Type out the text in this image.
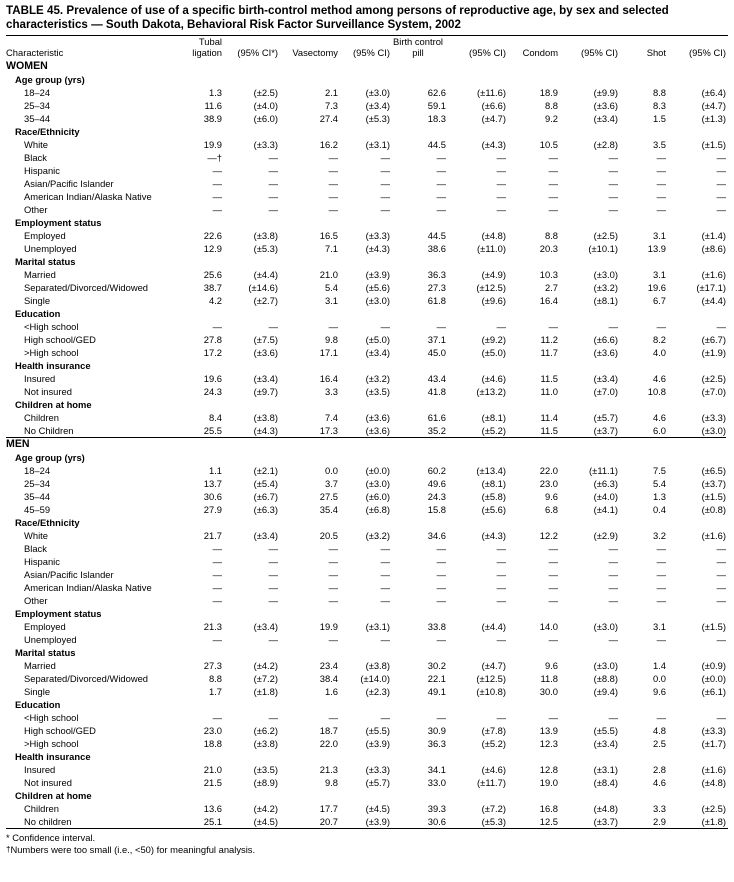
TABLE 45. Prevalence of use of a specific birth-control method among persons of reproductive age, by sex and selected characteristics — South Dakota, Behavioral Risk Factor Surveillance System, 2002

Characteristic	Tubal ligation	(95% CI*)	Vasectomy	(95% CI)	Birth control pill	(95% CI)	Condom	(95% CI)	Shot	(95% CI)
WOMEN										
Age group (yrs)										
18–24	1.3	(±2.5)	2.1	(±3.0)	62.6	(±11.6)	18.9	(±9.9)	8.8	(±6.4)
25–34	11.6	(±4.0)	7.3	(±3.4)	59.1	(±6.6)	8.8	(±3.6)	8.3	(±4.7)
35–44	38.9	(±6.0)	27.4	(±5.3)	18.3	(±4.7)	9.2	(±3.4)	1.5	(±1.3)
Race/Ethnicity										
White	19.9	(±3.3)	16.2	(±3.1)	44.5	(±4.3)	10.5	(±2.8)	3.5	(±1.5)
Black	—†	—	—	—	—	—	—	—	—	—
Hispanic	—	—	—	—	—	—	—	—	—	—
Asian/Pacific Islander	—	—	—	—	—	—	—	—	—	—
American Indian/Alaska Native	—	—	—	—	—	—	—	—	—	—
Other	—	—	—	—	—	—	—	—	—	—
Employment status										
Employed	22.6	(±3.8)	16.5	(±3.3)	44.5	(±4.8)	8.8	(±2.5)	3.1	(±1.4)
Unemployed	12.9	(±5.3)	7.1	(±4.3)	38.6	(±11.0)	20.3	(±10.1)	13.9	(±8.6)
Marital status										
Married	25.6	(±4.4)	21.0	(±3.9)	36.3	(±4.9)	10.3	(±3.0)	3.1	(±1.6)
Separated/Divorced/Widowed	38.7	(±14.6)	5.4	(±5.6)	27.3	(±12.5)	2.7	(±3.2)	19.6	(±17.1)
Single	4.2	(±2.7)	3.1	(±3.0)	61.8	(±9.6)	16.4	(±8.1)	6.7	(±4.4)
Education										
<High school	—	—	—	—	—	—	—	—	—	—
High school/GED	27.8	(±7.5)	9.8	(±5.0)	37.1	(±9.2)	11.2	(±6.6)	8.2	(±6.7)
>High school	17.2	(±3.6)	17.1	(±3.4)	45.0	(±5.0)	11.7	(±3.6)	4.0	(±1.9)
Health insurance										
Insured	19.6	(±3.4)	16.4	(±3.2)	43.4	(±4.6)	11.5	(±3.4)	4.6	(±2.5)
Not insured	24.3	(±9.7)	3.3	(±3.5)	41.8	(±13.2)	11.0	(±7.0)	10.8	(±7.0)
Children at home										
Children	8.4	(±3.8)	7.4	(±3.6)	61.6	(±8.1)	11.4	(±5.7)	4.6	(±3.3)
No Children	25.5	(±4.3)	17.3	(±3.6)	35.2	(±5.2)	11.5	(±3.7)	6.0	(±3.0)

MEN										
Age group (yrs)										
18–24	1.1	(±2.1)	0.0	(±0.0)	60.2	(±13.4)	22.0	(±11.1)	7.5	(±6.5)
25–34	13.7	(±5.4)	3.7	(±3.0)	49.6	(±8.1)	23.0	(±6.3)	5.4	(±3.7)
35–44	30.6	(±6.7)	27.5	(±6.0)	24.3	(±5.8)	9.6	(±4.0)	1.3	(±1.5)
45–59	27.9	(±6.3)	35.4	(±6.8)	15.8	(±5.6)	6.8	(±4.1)	0.4	(±0.8)
Race/Ethnicity										
White	21.7	(±3.4)	20.5	(±3.2)	34.6	(±4.3)	12.2	(±2.9)	3.2	(±1.6)
Black	—	—	—	—	—	—	—	—	—	—
Hispanic	—	—	—	—	—	—	—	—	—	—
Asian/Pacific Islander	—	—	—	—	—	—	—	—	—	—
American Indian/Alaska Native	—	—	—	—	—	—	—	—	—	—
Other	—	—	—	—	—	—	—	—	—	—
Employment status										
Employed	21.3	(±3.4)	19.9	(±3.1)	33.8	(±4.4)	14.0	(±3.0)	3.1	(±1.5)
Unemployed	—	—	—	—	—	—	—	—	—	—
Marital status										
Married	27.3	(±4.2)	23.4	(±3.8)	30.2	(±4.7)	9.6	(±3.0)	1.4	(±0.9)
Separated/Divorced/Widowed	8.8	(±7.2)	38.4	(±14.0)	22.1	(±12.5)	11.8	(±8.8)	0.0	(±0.0)
Single	1.7	(±1.8)	1.6	(±2.3)	49.1	(±10.8)	30.0	(±9.4)	9.6	(±6.1)
Education										
<High school	—	—	—	—	—	—	—	—	—	—
High school/GED	23.0	(±6.2)	18.7	(±5.5)	30.9	(±7.8)	13.9	(±5.5)	4.8	(±3.3)
>High school	18.8	(±3.8)	22.0	(±3.9)	36.3	(±5.2)	12.3	(±3.4)	2.5	(±1.7)
Health insurance										
Insured	21.0	(±3.5)	21.3	(±3.3)	34.1	(±4.6)	12.8	(±3.1)	2.8	(±1.6)
Not insured	21.5	(±8.9)	9.8	(±5.7)	33.0	(±11.7)	19.0	(±8.4)	4.6	(±4.8)
Children at home										
Children	13.6	(±4.2)	17.7	(±4.5)	39.3	(±7.2)	16.8	(±4.8)	3.3	(±2.5)
No children	25.1	(±4.5)	20.7	(±3.9)	30.6	(±5.3)	12.5	(±3.7)	2.9	(±1.8)
* Confidence interval.
†Numbers were too small (i.e., <50) for meaningful analysis.
